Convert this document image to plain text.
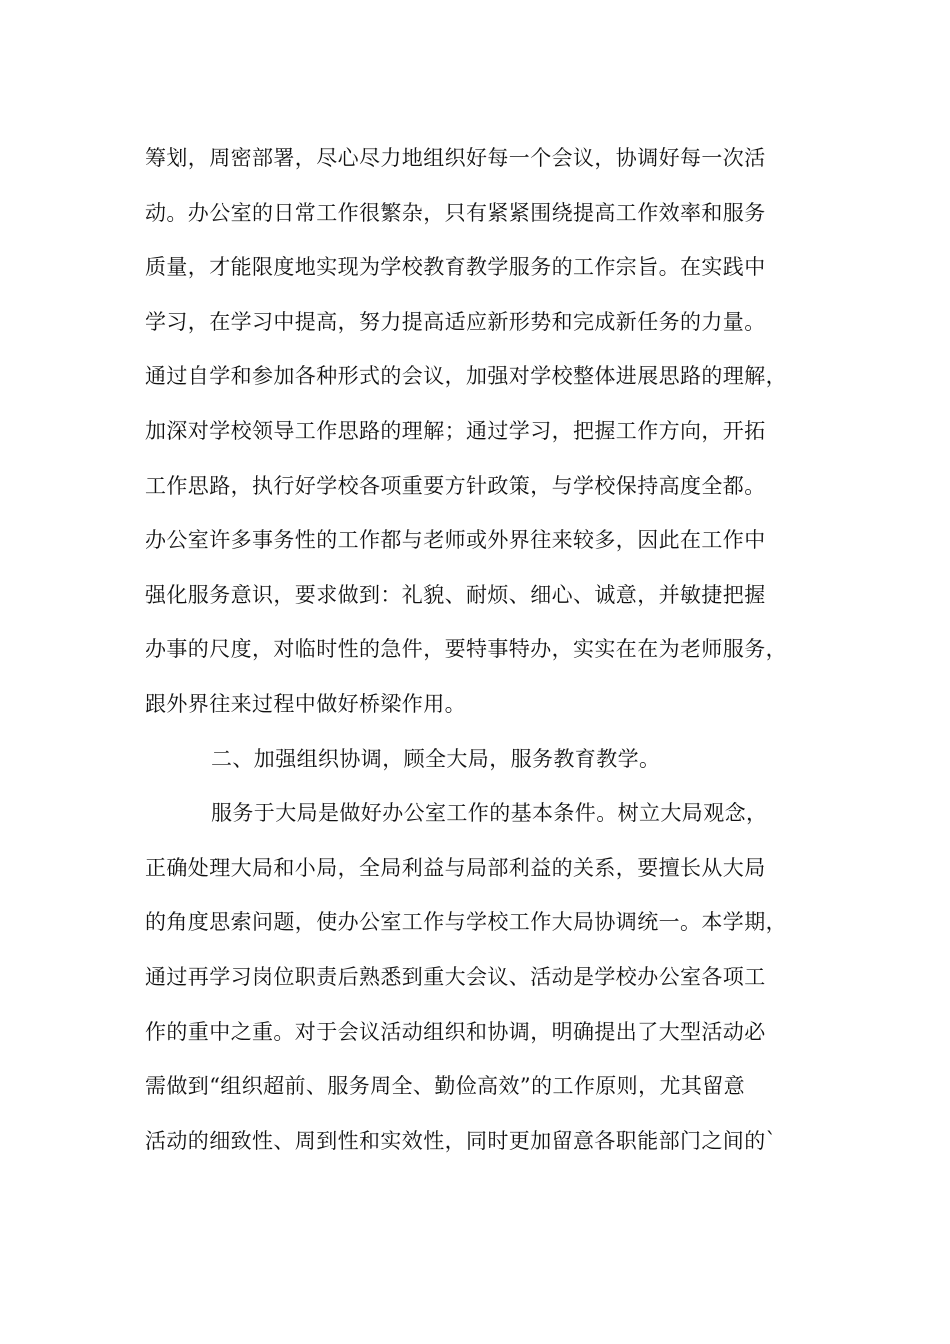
筹划，周密部署，尽心尽力地组织好每一个会议，协调好每一次活
动。办公室的日常工作很繁杂，只有紧紧围绕提高工作效率和服务
质量，才能限度地实现为学校教育教学服务的工作宗旨。在实践中
学习，在学习中提高，努力提高适应新形势和完成新任务的力量。
通过自学和参加各种形式的会议，加强对学校整体进展思路的理解，
加深对学校领导工作思路的理解；通过学习，把握工作方向，开拓
工作思路，执行好学校各项重要方针政策，与学校保持高度全都。
办公室许多事务性的工作都与老师或外界往来较多，因此在工作中
强化服务意识，要求做到：礼貌、耐烦、细心、诚意，并敏捷把握
办事的尺度，对临时性的急件，要特事特办，实实在在为老师服务，
跟外界往来过程中做好桥梁作用。
二、加强组织协调，顾全大局，服务教育教学。
服务于大局是做好办公室工作的基本条件。树立大局观念，
正确处理大局和小局，全局利益与局部利益的关系，要擅长从大局
的角度思索问题，使办公室工作与学校工作大局协调统一。本学期，
通过再学习岗位职责后熟悉到重大会议、活动是学校办公室各项工
作的重中之重。对于会议活动组织和协调，明确提出了大型活动必
需做到“组织超前、服务周全、勤俭高效”的工作原则，尤其留意
活动的细致性、周到性和实效性，同时更加留意各职能部门之间的`
